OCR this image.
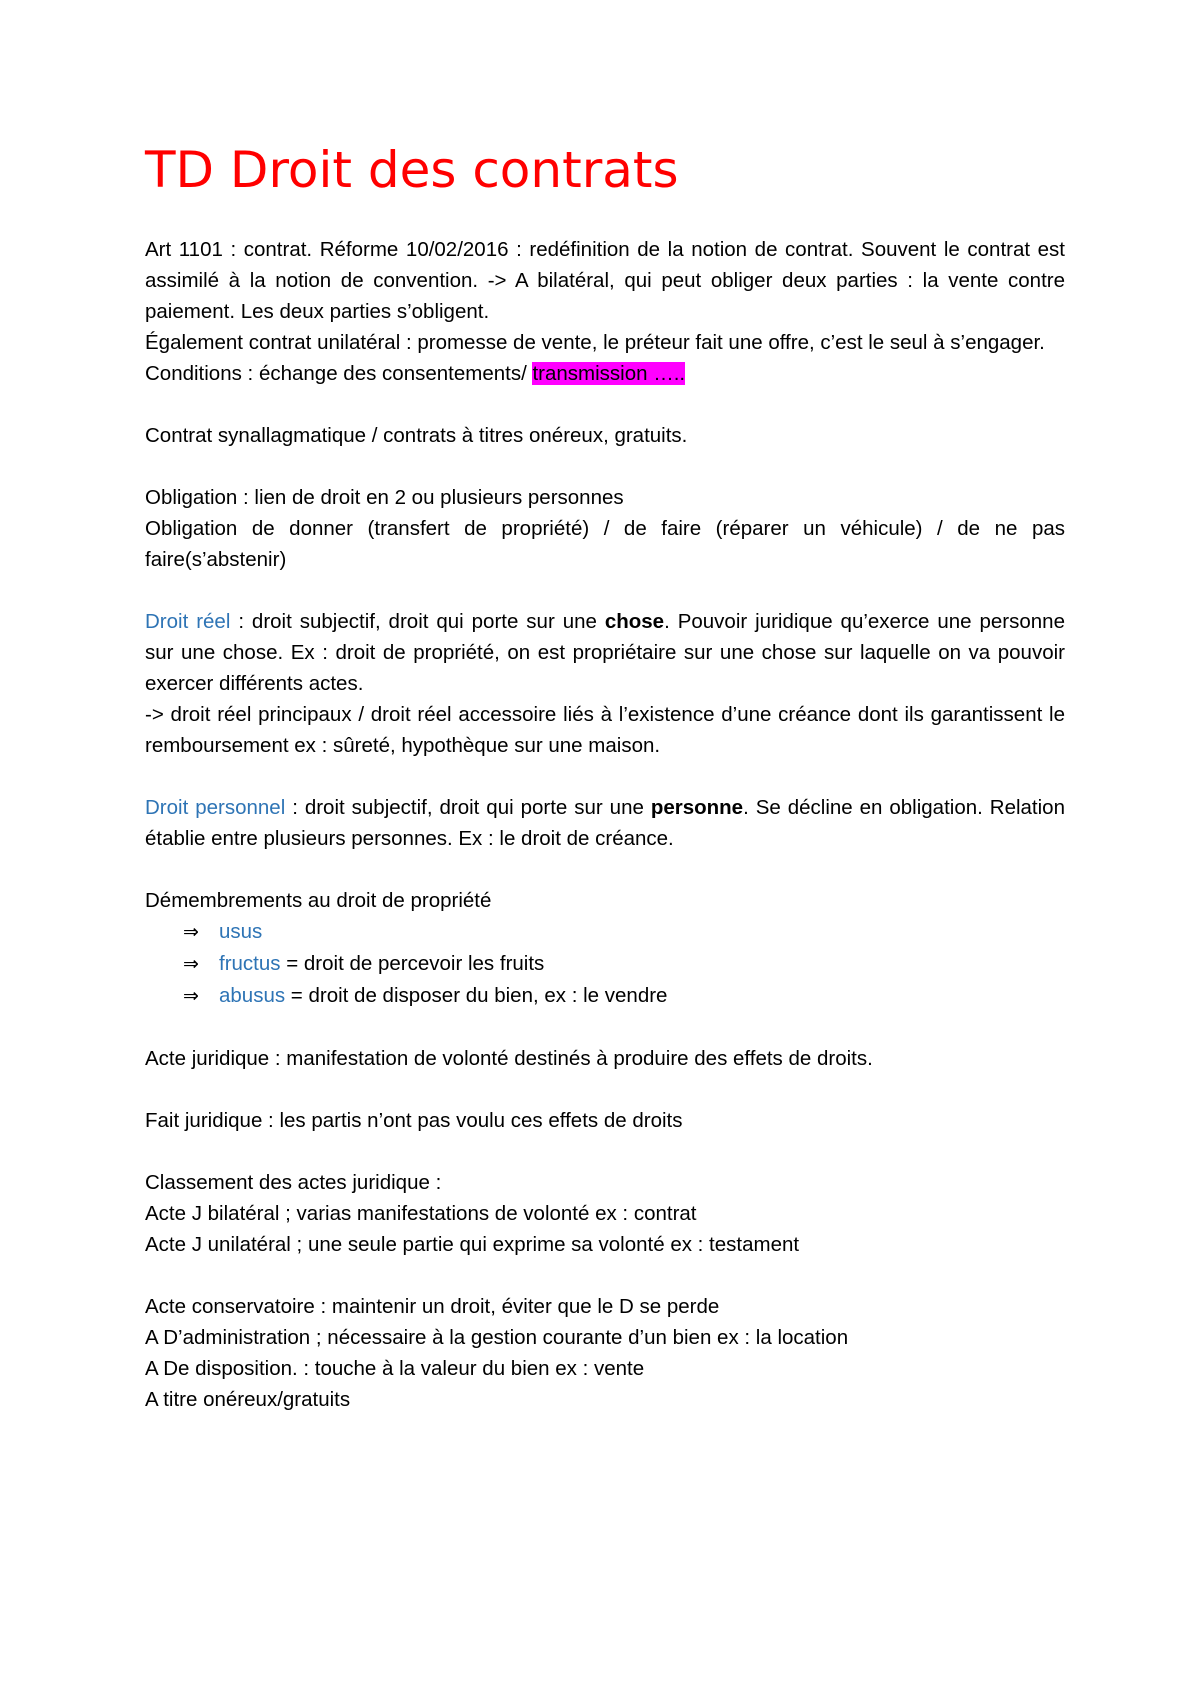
TD Droit des contrats

Art 1101 : contrat. Réforme 10/02/2016 : redéfinition de la notion de contrat. Souvent le contrat est assimilé à la notion de convention. -> A bilatéral, qui peut obliger deux parties : la vente contre paiement. Les deux parties s’obligent.

Également contrat unilatéral : promesse de vente, le préteur fait une offre, c’est le seul à s’engager.

Conditions : échange des consentements/ transmission …..

Contrat synallagmatique / contrats à titres onéreux, gratuits.

Obligation : lien de droit en 2 ou plusieurs personnes

Obligation de donner (transfert de propriété) / de faire (réparer un véhicule) / de ne pas faire(s’abstenir)

Droit réel : droit subjectif, droit qui porte sur une chose. Pouvoir juridique qu’exerce une personne sur une chose. Ex : droit de propriété, on est propriétaire sur une chose sur laquelle on va pouvoir exercer différents actes.

-> droit réel principaux / droit réel accessoire liés à l’existence d’une créance dont ils garantissent le remboursement ex : sûreté, hypothèque sur une maison.

Droit personnel : droit subjectif, droit qui porte sur une personne. Se décline en obligation. Relation établie entre plusieurs personnes. Ex : le droit de créance.

Démembrements au droit de propriété

⇒ usus
⇒ fructus = droit de percevoir les fruits
⇒ abusus = droit de disposer du bien, ex : le vendre

Acte juridique : manifestation de volonté destinés à produire des effets de droits.

Fait juridique : les partis n’ont pas voulu ces effets de droits

Classement des actes juridique :

Acte J bilatéral ; varias manifestations de volonté ex : contrat

Acte J unilatéral ; une seule partie qui exprime sa volonté ex : testament

Acte conservatoire : maintenir un droit, éviter que le D se perde

A D’administration ; nécessaire à la gestion courante d’un bien ex : la location

A De disposition. : touche à la valeur du bien ex : vente

A titre onéreux/gratuits
